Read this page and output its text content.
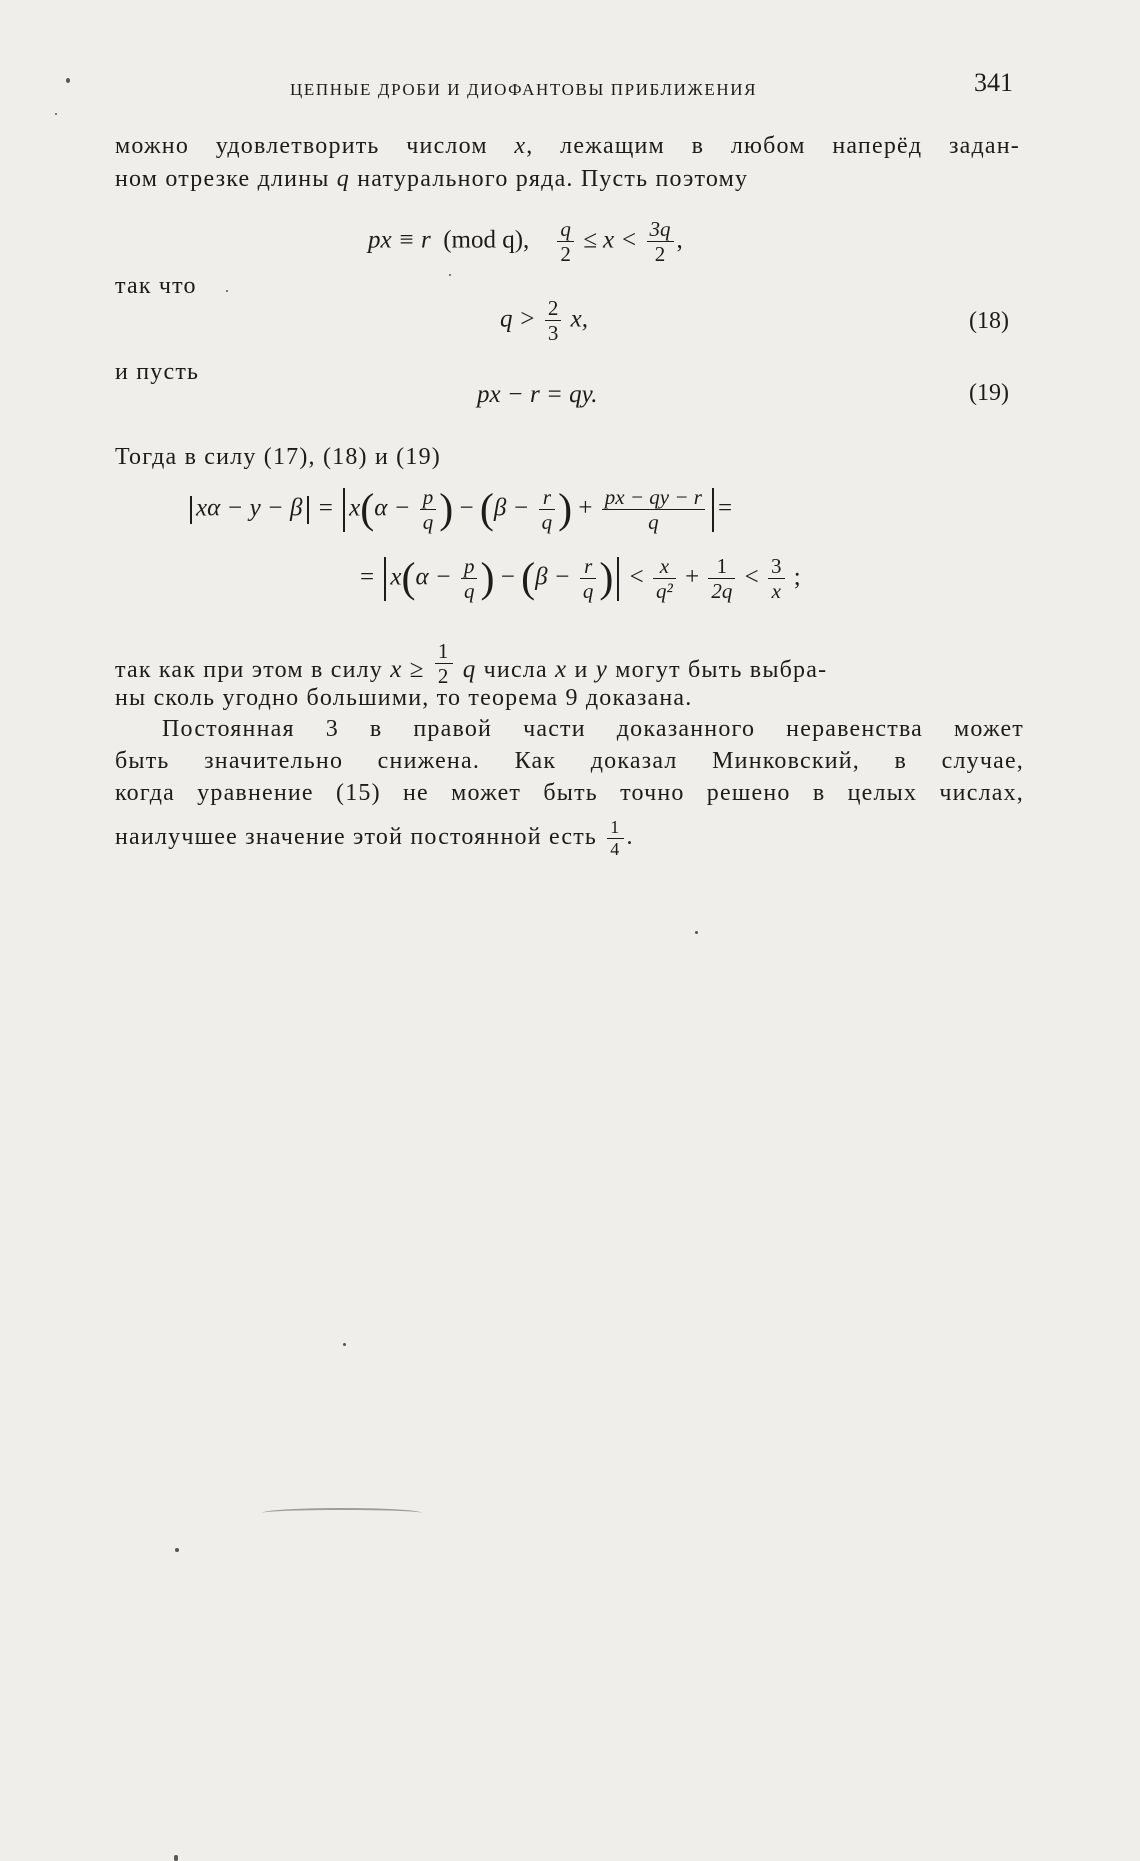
ЦЕПНЫЕ ДРОБИ И ДИОФАНТОВЫ ПРИБЛИЖЕНИЯ	341
можно удовлетворить числом x, лежащим в любом наперёд задан-
ном отрезке длины q натурального ряда. Пусть поэтому
px ≡ r (mod q), $\frac{q}{2} \le x < \frac{3q}{2}$ ,
так что
$q > \frac{2}{3} x$,	(18)
и пусть
px − r = qy.	(19)
Тогда в силу (17), (18) и (19)
$x\alpha - y - \beta = x(\alpha - \frac{p}{q}$ ) − ($\beta - \frac{r}{q}$ ) + $\frac{px - qy - r}{q}$ =
= $x(\alpha - \frac{p}{q}$ ) − ($\beta - \frac{r}{q}$ ) < $\frac{x}{\text{q²}} + \frac{1}{2q} < \frac{3}{x}$ ;
так как при этом в силу $x \ge \frac{1}{2}$ q числа x и y могут быть выбра-
ны сколь угодно большими, то теорема 9 доказана.
Постоянная 3 в правой части доказанного неравенства может
быть значительно снижена. Как доказал Минковский, в случае,
когда уравнение (15) не может быть точно решено в целых числах,
наилучшее значение этой постоянной есть $\frac{1}{4}$ .
